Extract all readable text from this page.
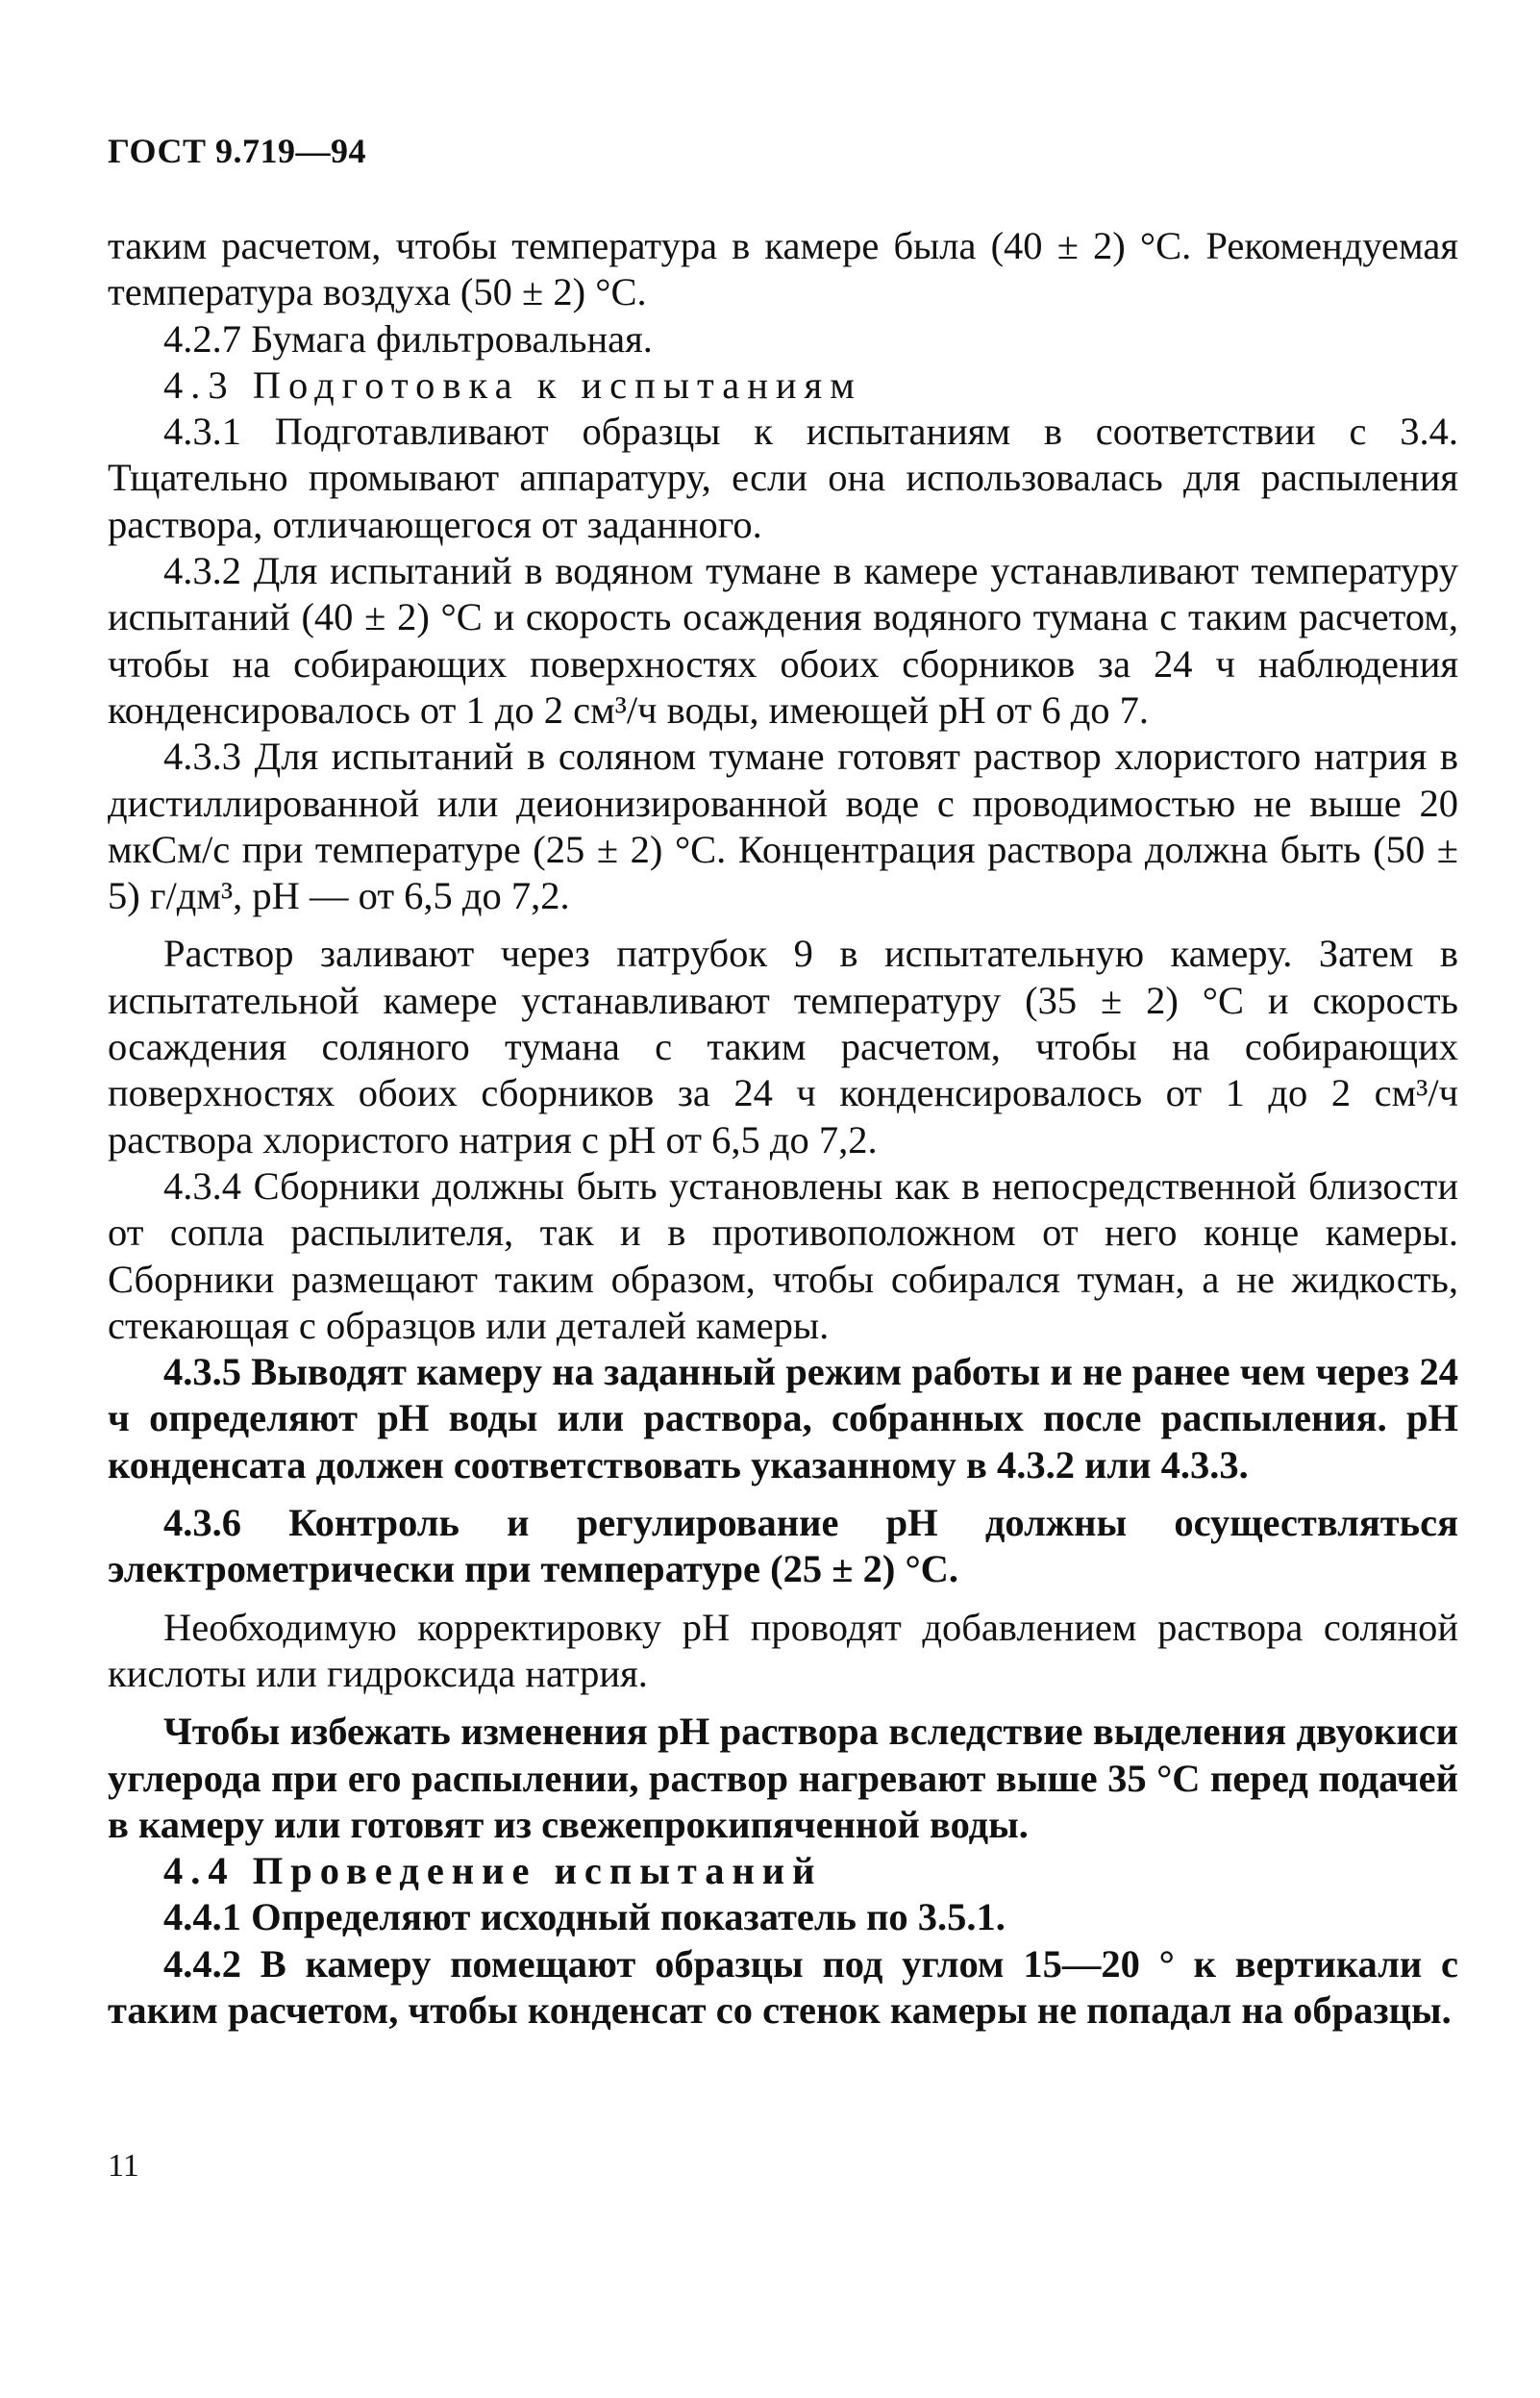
ГОСТ 9.719—94

таким расчетом, чтобы температура в камере была (40 ± 2) °С. Рекомендуемая температура воздуха (50 ± 2) °С.

4.2.7 Бумага фильтровальная.

4.3 Подготовка к испытаниям

4.3.1 Подготавливают образцы к испытаниям в соответствии с 3.4. Тщательно промывают аппаратуру, если она использовалась для распыления раствора, отличающегося от заданного.

4.3.2 Для испытаний в водяном тумане в камере устанавливают температуру испытаний (40 ± 2) °С и скорость осаждения водяного тумана с таким расчетом, чтобы на собирающих поверхностях обоих сборников за 24 ч наблюдения конденсировалось от 1 до 2 см³/ч воды, имеющей рН от 6 до 7.

4.3.3 Для испытаний в соляном тумане готовят раствор хлористого натрия в дистиллированной или деионизированной воде с проводимостью не выше 20 мкСм/с при температуре (25 ± 2) °С. Концентрация раствора должна быть (50 ± 5) г/дм³, рН — от 6,5 до 7,2.

Раствор заливают через патрубок 9 в испытательную камеру. Затем в испытательной камере устанавливают температуру (35 ± 2) °С и скорость осаждения соляного тумана с таким расчетом, чтобы на собирающих поверхностях обоих сборников за 24 ч конденсировалось от 1 до 2 см³/ч раствора хлористого натрия с рН от 6,5 до 7,2.

4.3.4 Сборники должны быть установлены как в непосредственной близости от сопла распылителя, так и в противоположном от него конце камеры. Сборники размещают таким образом, чтобы собирался туман, а не жидкость, стекающая с образцов или деталей камеры.

4.3.5 Выводят камеру на заданный режим работы и не ранее чем через 24 ч определяют рН воды или раствора, собранных после распыления. рН конденсата должен соответствовать указанному в 4.3.2 или 4.3.3.

4.3.6 Контроль и регулирование рН должны осуществляться электрометрически при температуре (25 ± 2) °С.

Необходимую корректировку рН проводят добавлением раствора соляной кислоты или гидроксида натрия.

Чтобы избежать изменения рН раствора вследствие выделения двуокиси углерода при его распылении, раствор нагревают выше 35 °С перед подачей в камеру или готовят из свежепрокипяченной воды.

4.4 Проведение испытаний

4.4.1 Определяют исходный показатель по 3.5.1.

4.4.2 В камеру помещают образцы под углом 15—20 ° к вертикали с таким расчетом, чтобы конденсат со стенок камеры не попадал на образцы.

11
